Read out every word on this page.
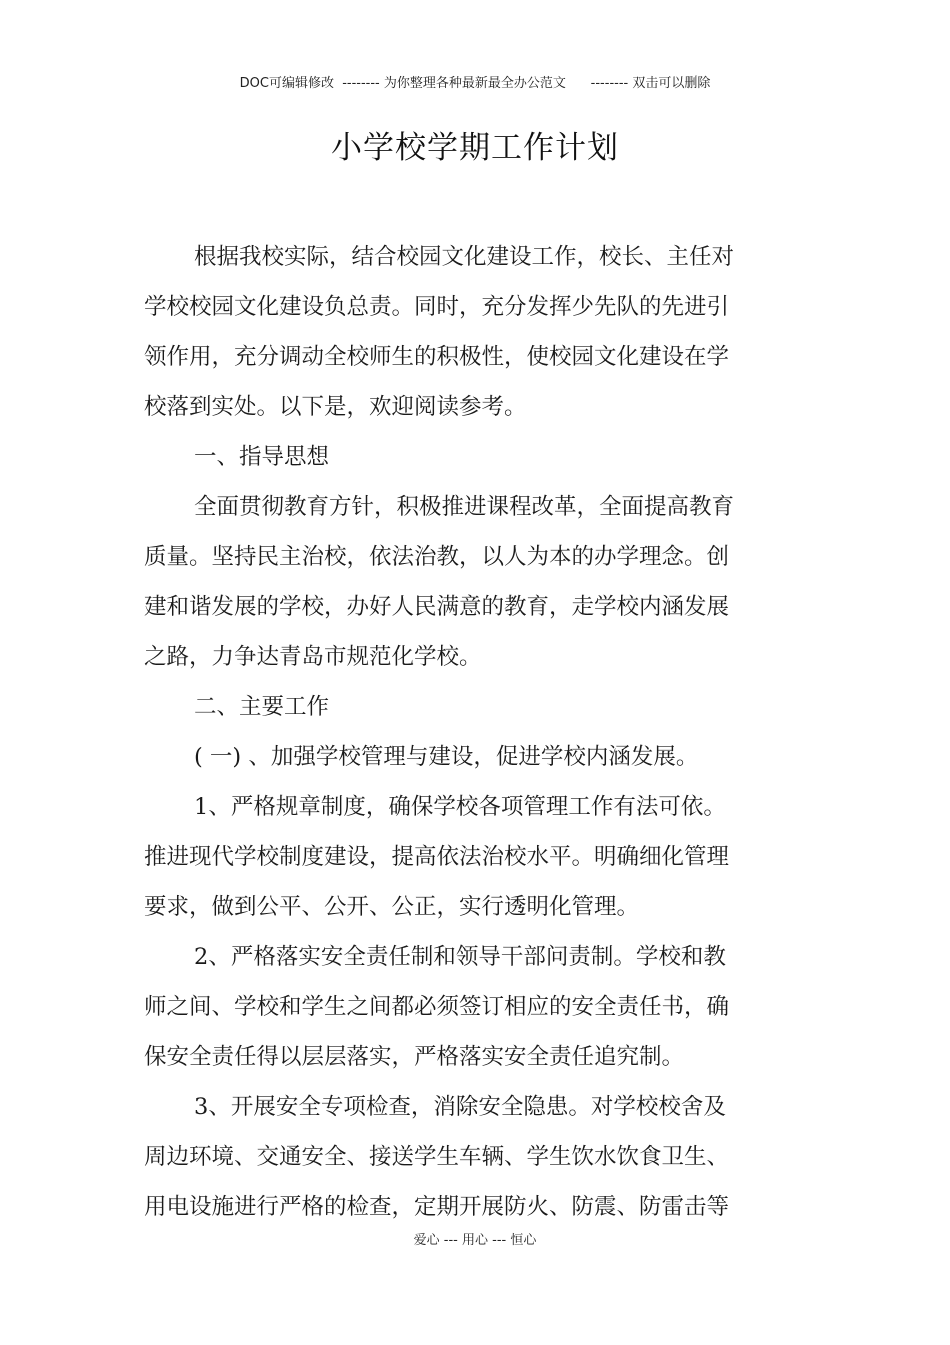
DOC可编辑修改  -------- 为你整理各种最新最全办公范文      -------- 双击可以删除
小学校学期工作计划

根据我校实际，结合校园文化建设工作，校长、主任对学校校园文化建设负总责。同时，充分发挥少先队的先进引领作用，充分调动全校师生的积极性，使校园文化建设在学校落到实处。以下是，欢迎阅读参考。

一、指导思想

全面贯彻教育方针，积极推进课程改革，全面提高教育质量。坚持民主治校，依法治教，以人为本的办学理念。创建和谐发展的学校，办好人民满意的教育，走学校内涵发展之路，力争达青岛市规范化学校。

二、主要工作

( 一) 、加强学校管理与建设，促进学校内涵发展。

1、严格规章制度，确保学校各项管理工作有法可依。推进现代学校制度建设，提高依法治校水平。明确细化管理要求，做到公平、公开、公正，实行透明化管理。

2、严格落实安全责任制和领导干部问责制。学校和教师之间、学校和学生之间都必须签订相应的安全责任书，确保安全责任得以层层落实，严格落实安全责任追究制。

3、开展安全专项检查，消除安全隐患。对学校校舍及周边环境、交通安全、接送学生车辆、学生饮水饮食卫生、用电设施进行严格的检查，定期开展防火、防震、防雷击等

爱心 --- 用心 --- 恒心
